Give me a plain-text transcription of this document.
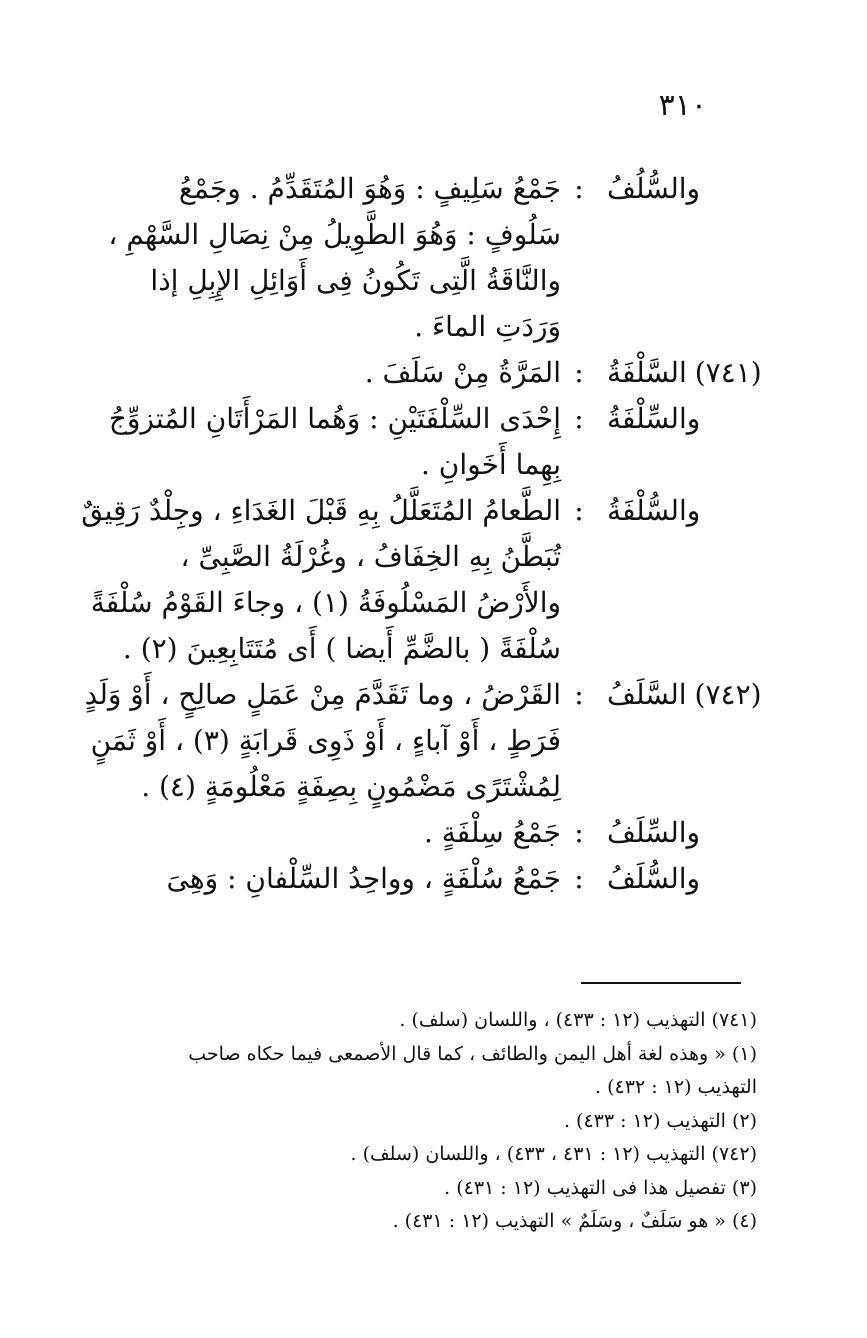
٣١٠
والسُّلُفُ
:
جَمْعُ سَلِيفٍ : وَهُوَ المُتَقَدِّمُ . وجَمْعُ
سَلُوفٍ : وَهُوَ الطَّوِيلُ مِنْ نِصَالِ السَّهْمِ ،
والنَّاقَةُ الَّتِى تَكُونُ فِى أَوَائِلِ الإِبِلِ إذا
وَرَدَتِ الماءَ .
(٧٤١)
السَّلْفَةُ
:
المَرَّةُ مِنْ سَلَفَ .
والسِّلْفَةُ
:
إِحْدَى السِّلْفَتَيْنِ : وَهُما المَرْأَتَانِ المُتزوِّجُ
بِهِما أَخَوانِ .
والسُّلْفَةُ
:
الطَّعامُ المُتَعَلَّلُ بِهِ قَبْلَ الغَدَاءِ ، وجِلْدٌ رَقِيقٌ
تُبَطَّنُ بِهِ الخِفَافُ ، وغُرْلَةُ الصَّبِىِّ ،
والأَرْضُ المَسْلُوفَةُ (١) ، وجاءَ القَوْمُ سُلْفَةً
سُلْفَةً ( بالضَّمِّ أَيضا ) أَى مُتَتَابِعِينَ (٢) .
(٧٤٢)
السَّلَفُ
:
القَرْضُ ، وما تَقَدَّمَ مِنْ عَمَلٍ صالِحٍ ، أَوْ وَلَدٍ
فَرَطٍ ، أَوْ آباءٍ ، أَوْ ذَوِى قَرابَةٍ (٣) ، أَوْ ثَمَنٍ
لِمُشْتَرًى مَضْمُونٍ بِصِفَةٍ مَعْلُومَةٍ (٤) .
والسِّلَفُ
:
جَمْعُ سِلْفَةٍ .
والسُّلَفُ
:
جَمْعُ سُلْفَةٍ ، وواحِدُ السِّلْفانِ : وَهِىَ
(٧٤١) التهذيب (١٢ : ٤٣٣) ، واللسان (سلف) .
(١) « وهذه لغة أهل اليمن والطائف ، كما قال الأصمعى فيما حكاه صاحب
التهذيب (١٢ : ٤٣٢) .
(٢) التهذيب (١٢ : ٤٣٣) .
(٧٤٢) التهذيب (١٢ : ٤٣١ ، ٤٣٣) ، واللسان (سلف) .
(٣) تفصيل هذا فى التهذيب (١٢ : ٤٣١) .
(٤) « هو سَلَفٌ ، وسَلَمٌ » التهذيب (١٢ : ٤٣١) .
